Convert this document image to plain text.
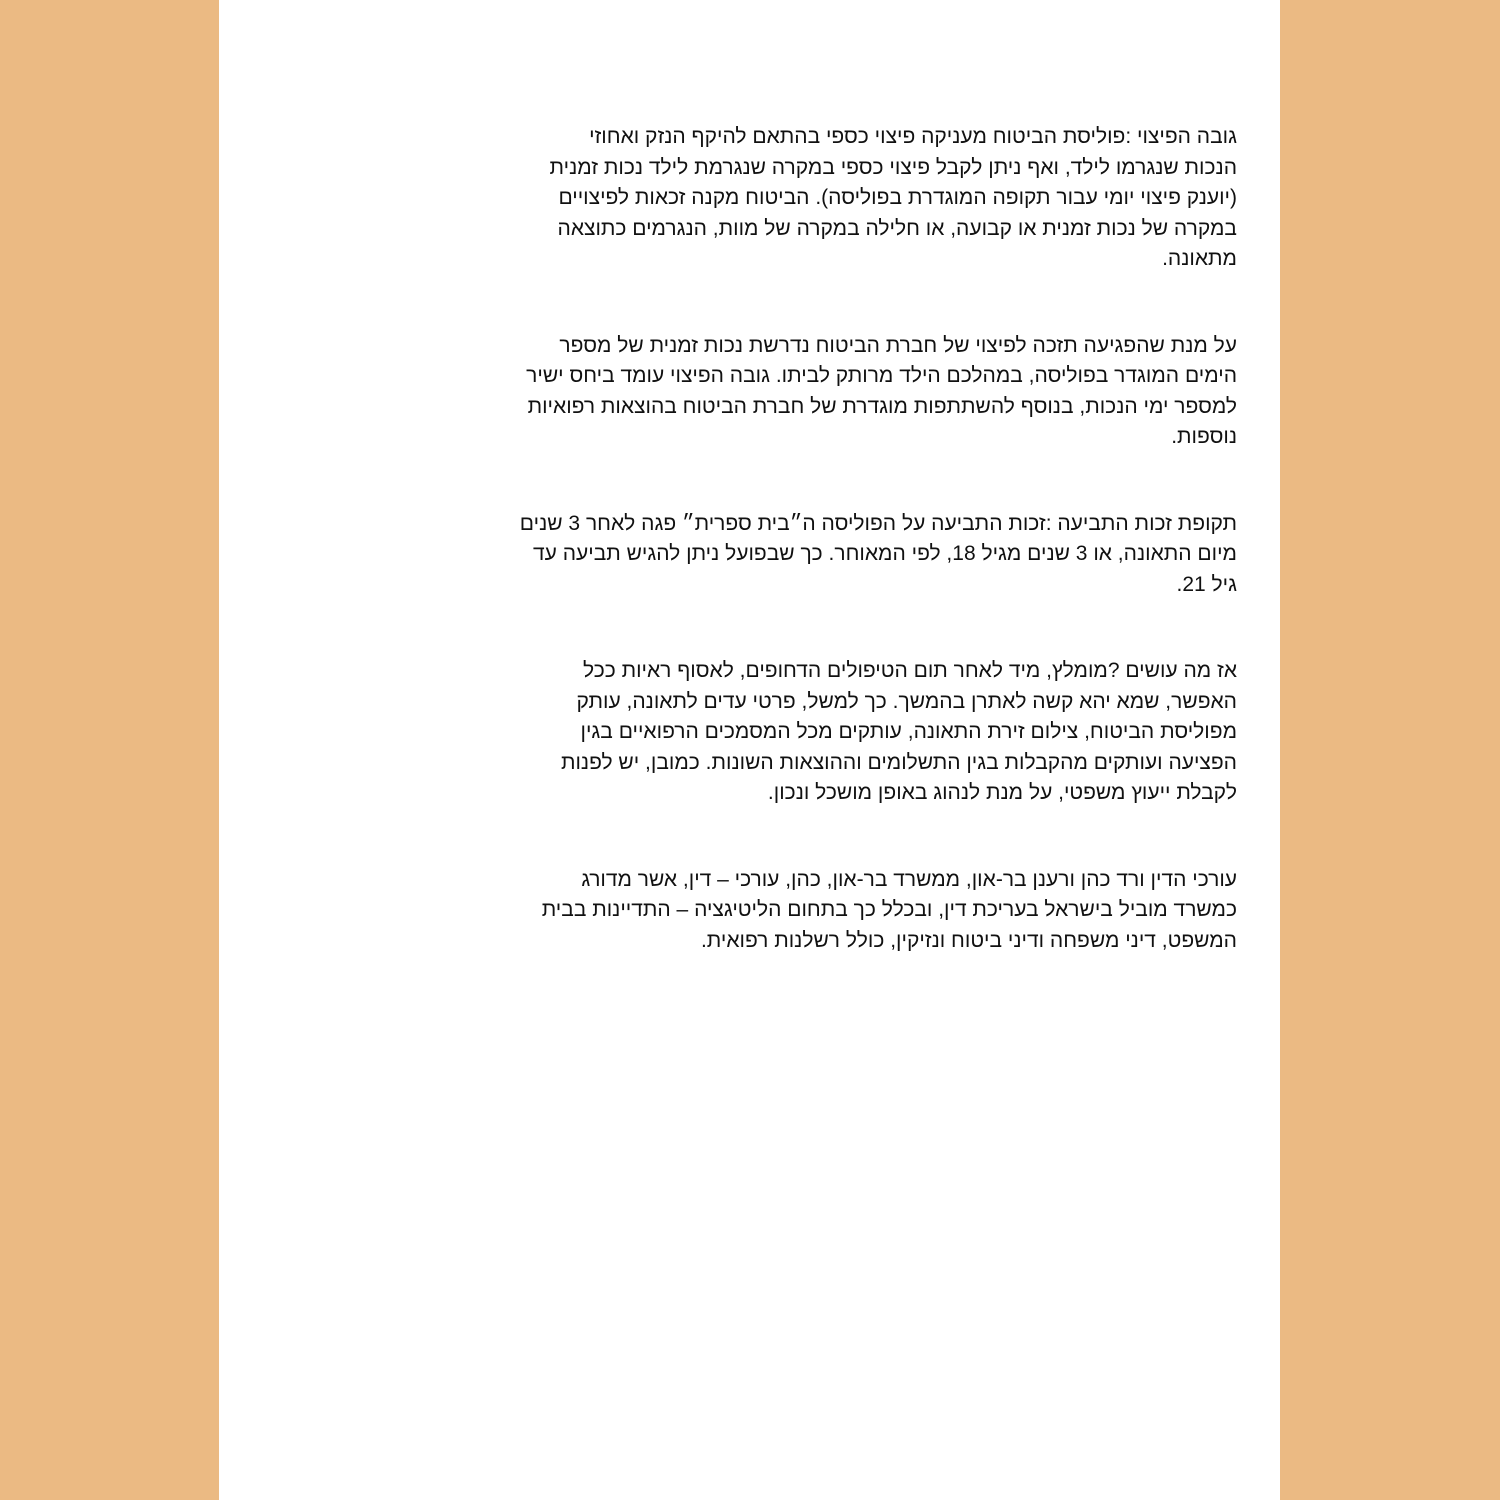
גובה הפיצוי :פוליסת הביטוח מעניקה פיצוי כספי בהתאם להיקף הנזק ואחוזי
הנכות שנגרמו לילד, ואף ניתן לקבל פיצוי כספי במקרה שנגרמת לילד נכות זמנית
(יוענק פיצוי יומי עבור תקופה המוגדרת בפוליסה). הביטוח מקנה זכאות לפיצויים
במקרה של נכות זמנית או קבועה, או חלילה במקרה של מוות, הנגרמים כתוצאה
מתאונה.
על מנת שהפגיעה תזכה לפיצוי של חברת הביטוח נדרשת נכות זמנית של מספר
הימים המוגדר בפוליסה, במהלכם הילד מרותק לביתו. גובה הפיצוי עומד ביחס ישיר
למספר ימי הנכות, בנוסף להשתתפות מוגדרת של חברת הביטוח בהוצאות רפואיות
נוספות.
תקופת זכות התביעה :זכות התביעה על הפוליסה ה״בית ספרית״ פגה לאחר 3 שנים
מיום התאונה, או 3 שנים מגיל 18, לפי המאוחר. כך שבפועל ניתן להגיש תביעה עד
גיל 21.
אז מה עושים ?מומלץ, מיד לאחר תום הטיפולים הדחופים, לאסוף ראיות ככל
האפשר, שמא יהא קשה לאתרן בהמשך. כך למשל, פרטי עדים לתאונה, עותק
מפוליסת הביטוח, צילום זירת התאונה, עותקים מכל המסמכים הרפואיים בגין
הפציעה ועותקים מהקבלות בגין התשלומים וההוצאות השונות. כמובן, יש לפנות
לקבלת ייעוץ משפטי, על מנת לנהוג באופן מושכל ונכון.
עורכי הדין ורד כהן ורענן בר-און, ממשרד בר-און, כהן, עורכי – דין, אשר מדורג
כמשרד מוביל בישראל בעריכת דין, ובכלל כך בתחום הליטיגציה – התדיינות בבית
המשפט, דיני משפחה ודיני ביטוח ונזיקין, כולל רשלנות רפואית.
